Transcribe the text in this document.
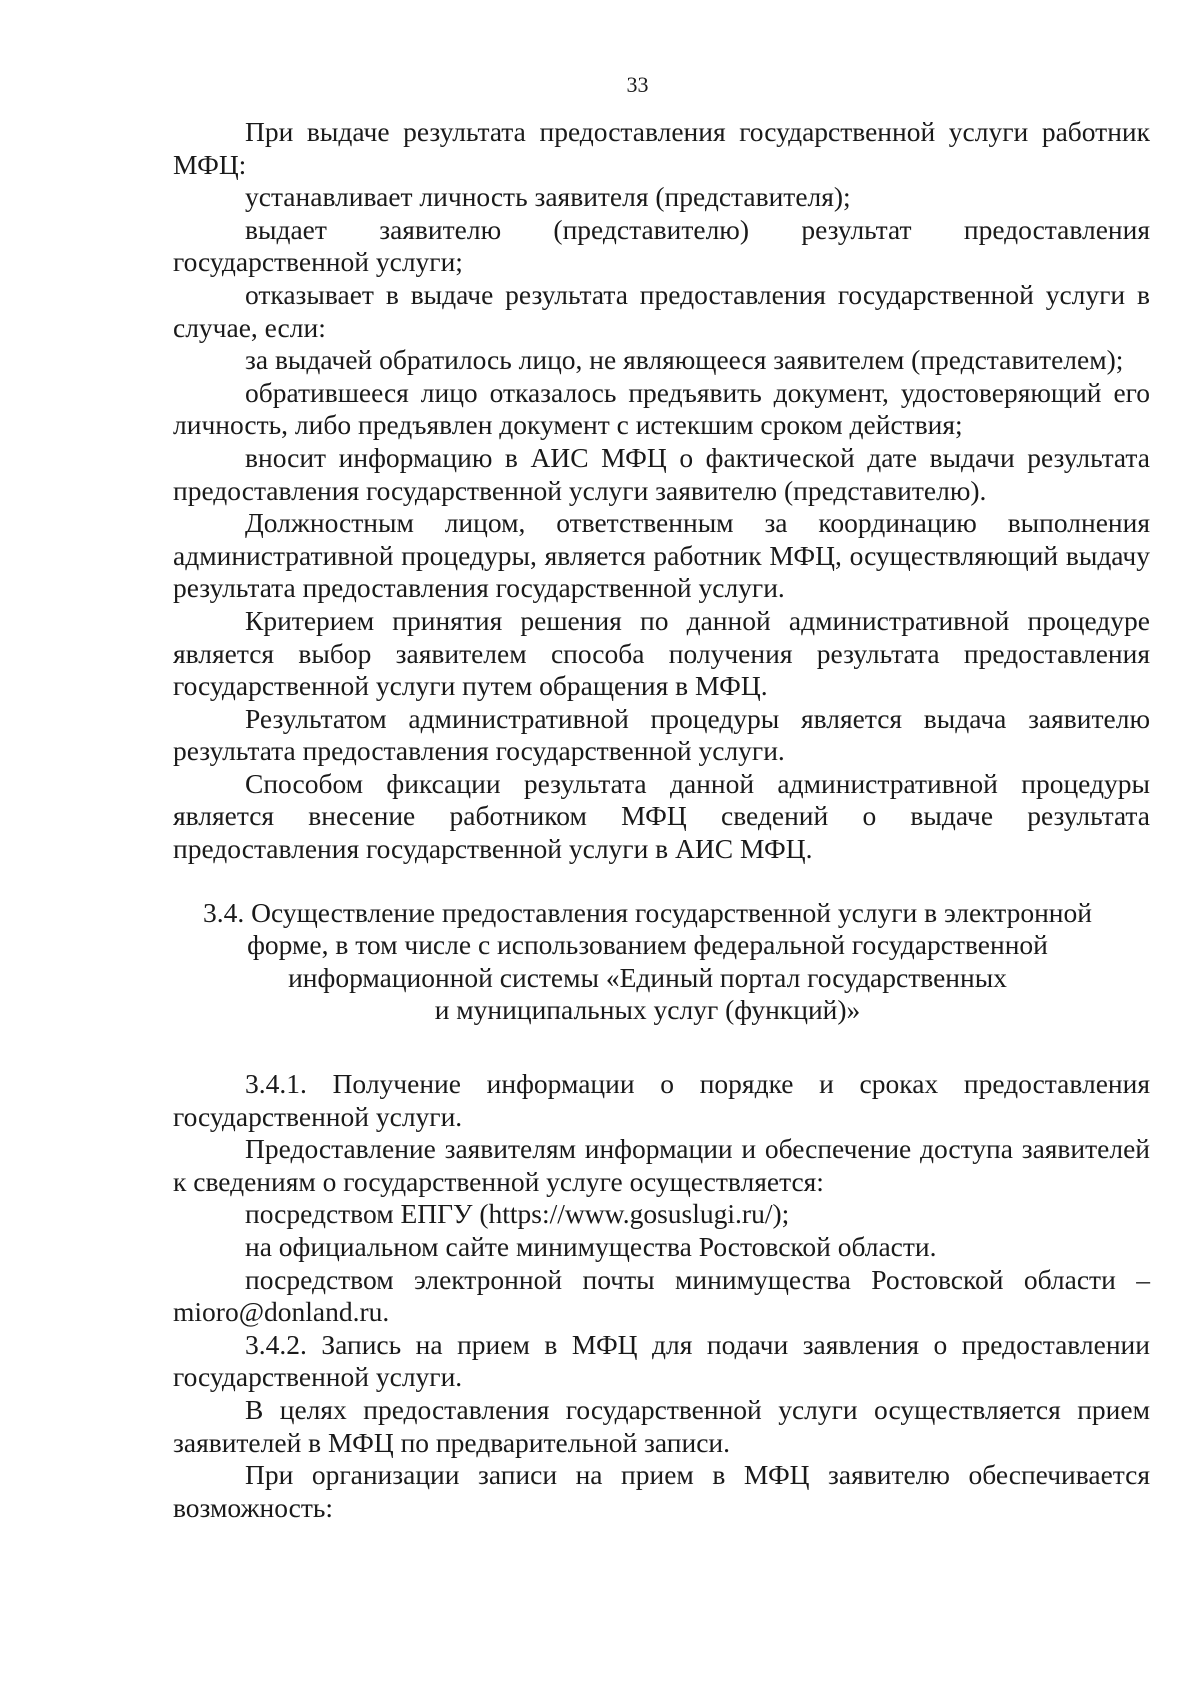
33

При выдаче результата предоставления государственной услуги работник МФЦ:

устанавливает личность заявителя (представителя);

выдает заявителю (представителю) результат предоставления государственной услуги;

отказывает в выдаче результата предоставления государственной услуги в случае, если:

за выдачей обратилось лицо, не являющееся заявителем (представителем);

обратившееся лицо отказалось предъявить документ, удостоверяющий его личность, либо предъявлен документ с истекшим сроком действия;

вносит информацию в АИС МФЦ о фактической дате выдачи результата предоставления государственной услуги заявителю (представителю).

Должностным лицом, ответственным за координацию выполнения административной процедуры, является работник МФЦ, осуществляющий выдачу результата предоставления государственной услуги.

Критерием принятия решения по данной административной процедуре является выбор заявителем способа получения результата предоставления государственной услуги путем обращения в МФЦ.

Результатом административной процедуры является выдача заявителю результата предоставления государственной услуги.

Способом фиксации результата данной административной процедуры является внесение работником МФЦ сведений о выдаче результата предоставления государственной услуги в АИС МФЦ.

3.4. Осуществление предоставления государственной услуги в электронной
форме, в том числе с использованием федеральной государственной
информационной системы «Единый портал государственных
и муниципальных услуг (функций)»

3.4.1. Получение информации о порядке и сроках предоставления государственной услуги.

Предоставление заявителям информации и обеспечение доступа заявителей к сведениям о государственной услуге осуществляется:

посредством ЕПГУ (https://www.gosuslugi.ru/);

на официальном сайте минимущества Ростовской области.

посредством электронной почты минимущества Ростовской области – mioro@donland.ru.

3.4.2. Запись на прием в МФЦ для подачи заявления о предоставлении государственной услуги.

В целях предоставления государственной услуги осуществляется прием заявителей в МФЦ по предварительной записи.

При организации записи на прием в МФЦ заявителю обеспечивается возможность:
